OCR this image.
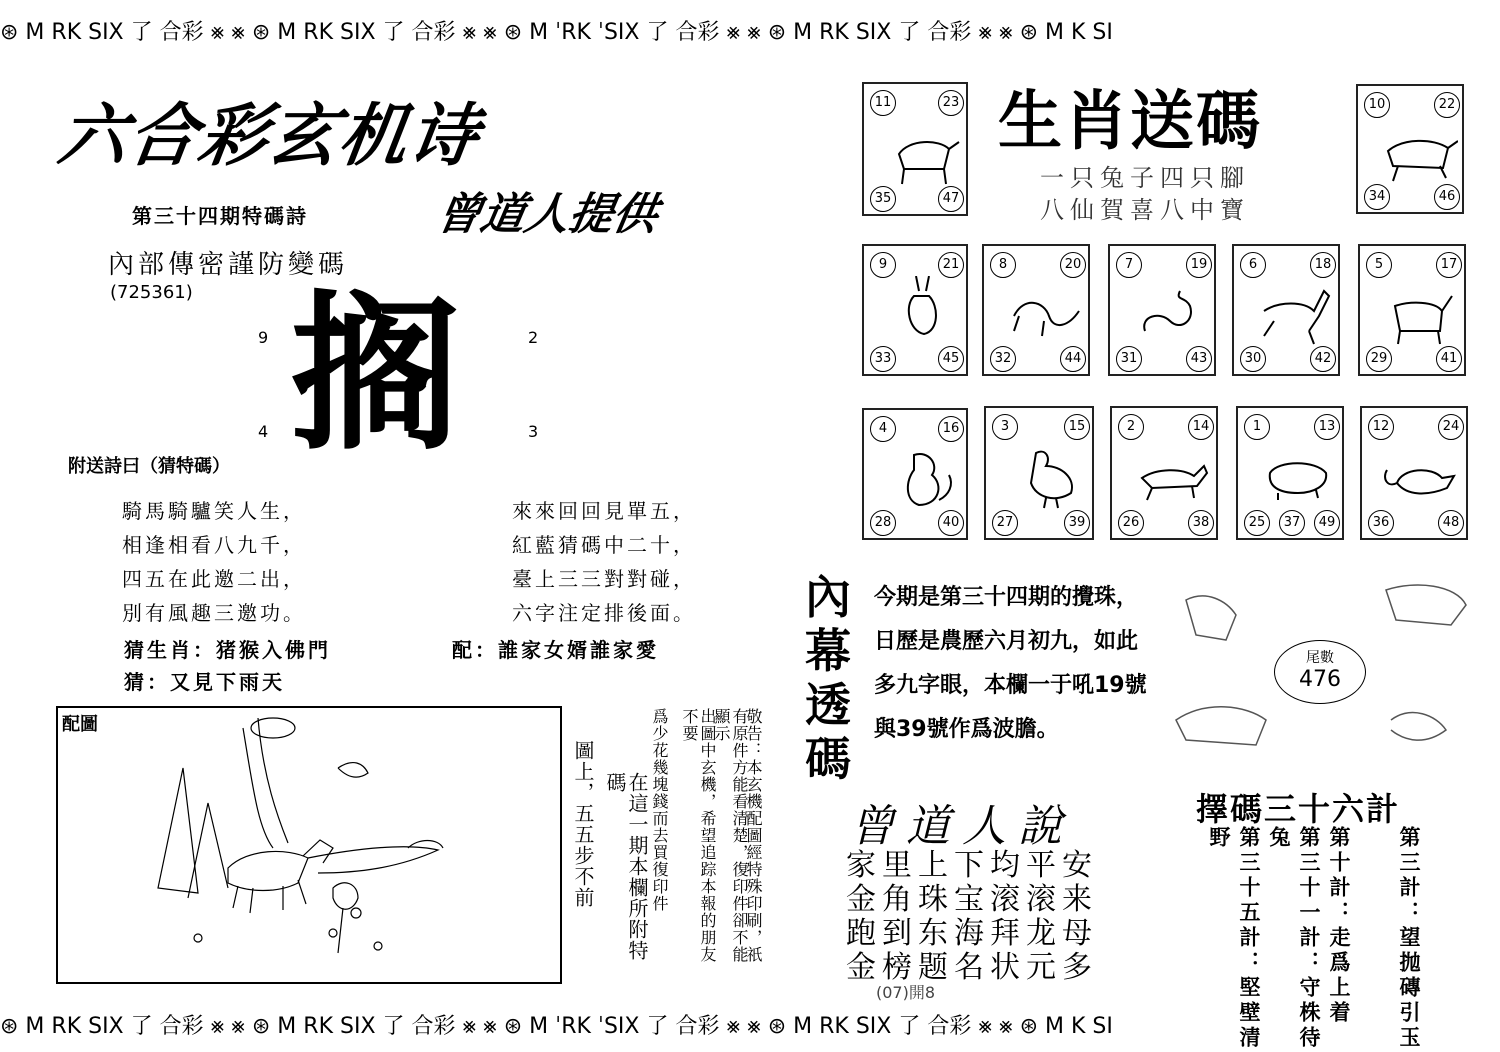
⊛ M RK SIX 了 合彩 ⨳ ⨳ ⊛ M RK SIX 了 合彩 ⨳ ⨳ ⊛ M ˈRK ˈSIX 了 合彩 ⨳ ⨳ ⊛ M RK SIX 了 合彩 ⨳ ⨳ ⊛ M K SI
⊛ M RK SIX 了 合彩 ⨳ ⨳ ⊛ M RK SIX 了 合彩 ⨳ ⨳ ⊛ M ˈRK ˈSIX 了 合彩 ⨳ ⨳ ⊛ M RK SIX 了 合彩 ⨳ ⨳ ⊛ M K SI
六合彩玄机诗
曾道人提供
第三十四期特碼詩
內部傳密謹防變碼
(725361)
9	2
4	3
搁
附送詩曰（猜特碼）
騎馬騎驢笑人生，
相逢相看八九千，
四五在此邀二出，
別有風趣三邀功。
來來回回見單五，
紅藍猜碼中二十，
臺上三三對對碰，
六字注定排後面。
猜生肖：猪猴入佛門	配：誰家女婿誰家愛
猜：又見下雨天
配圖	敬告：本玄機配圖經特殊印刷，祇
有原件方能看清楚，復印件卻不能顯示
出圖中玄機，希望追踪本報的朋友不要
爲少花幾塊錢而去買復印件
在這一期本欄所附特碼
圖上，五五步不前
生肖送碼
一只兔子四只腳
八仙賀喜八中寶
11	23
35	47
10	22
34	46
9	21
33	45
8	20
32	44
7	19
31	43
6	18
30	42
5	17
29	41
4	16
28	40
3	15
27	39
2	14
26	38
1	13
25	37	49
12	24
36	48
內幕透碼
今期是第三十四期的攪珠，日歷是農歷六月初九，如此多九字眼，本欄一于吼19號與39號作爲波膽。
尾數
476
曾道人說
家里上下均平安
金角珠宝滚滚来
跑到东海拜龙母
金榜题名状元多
(07)開8
擇碼三十六計
第三計：望抛磚引玉
第十計：走爲上着
第三十一計：守株待兔
第三十五計：堅壁清野
